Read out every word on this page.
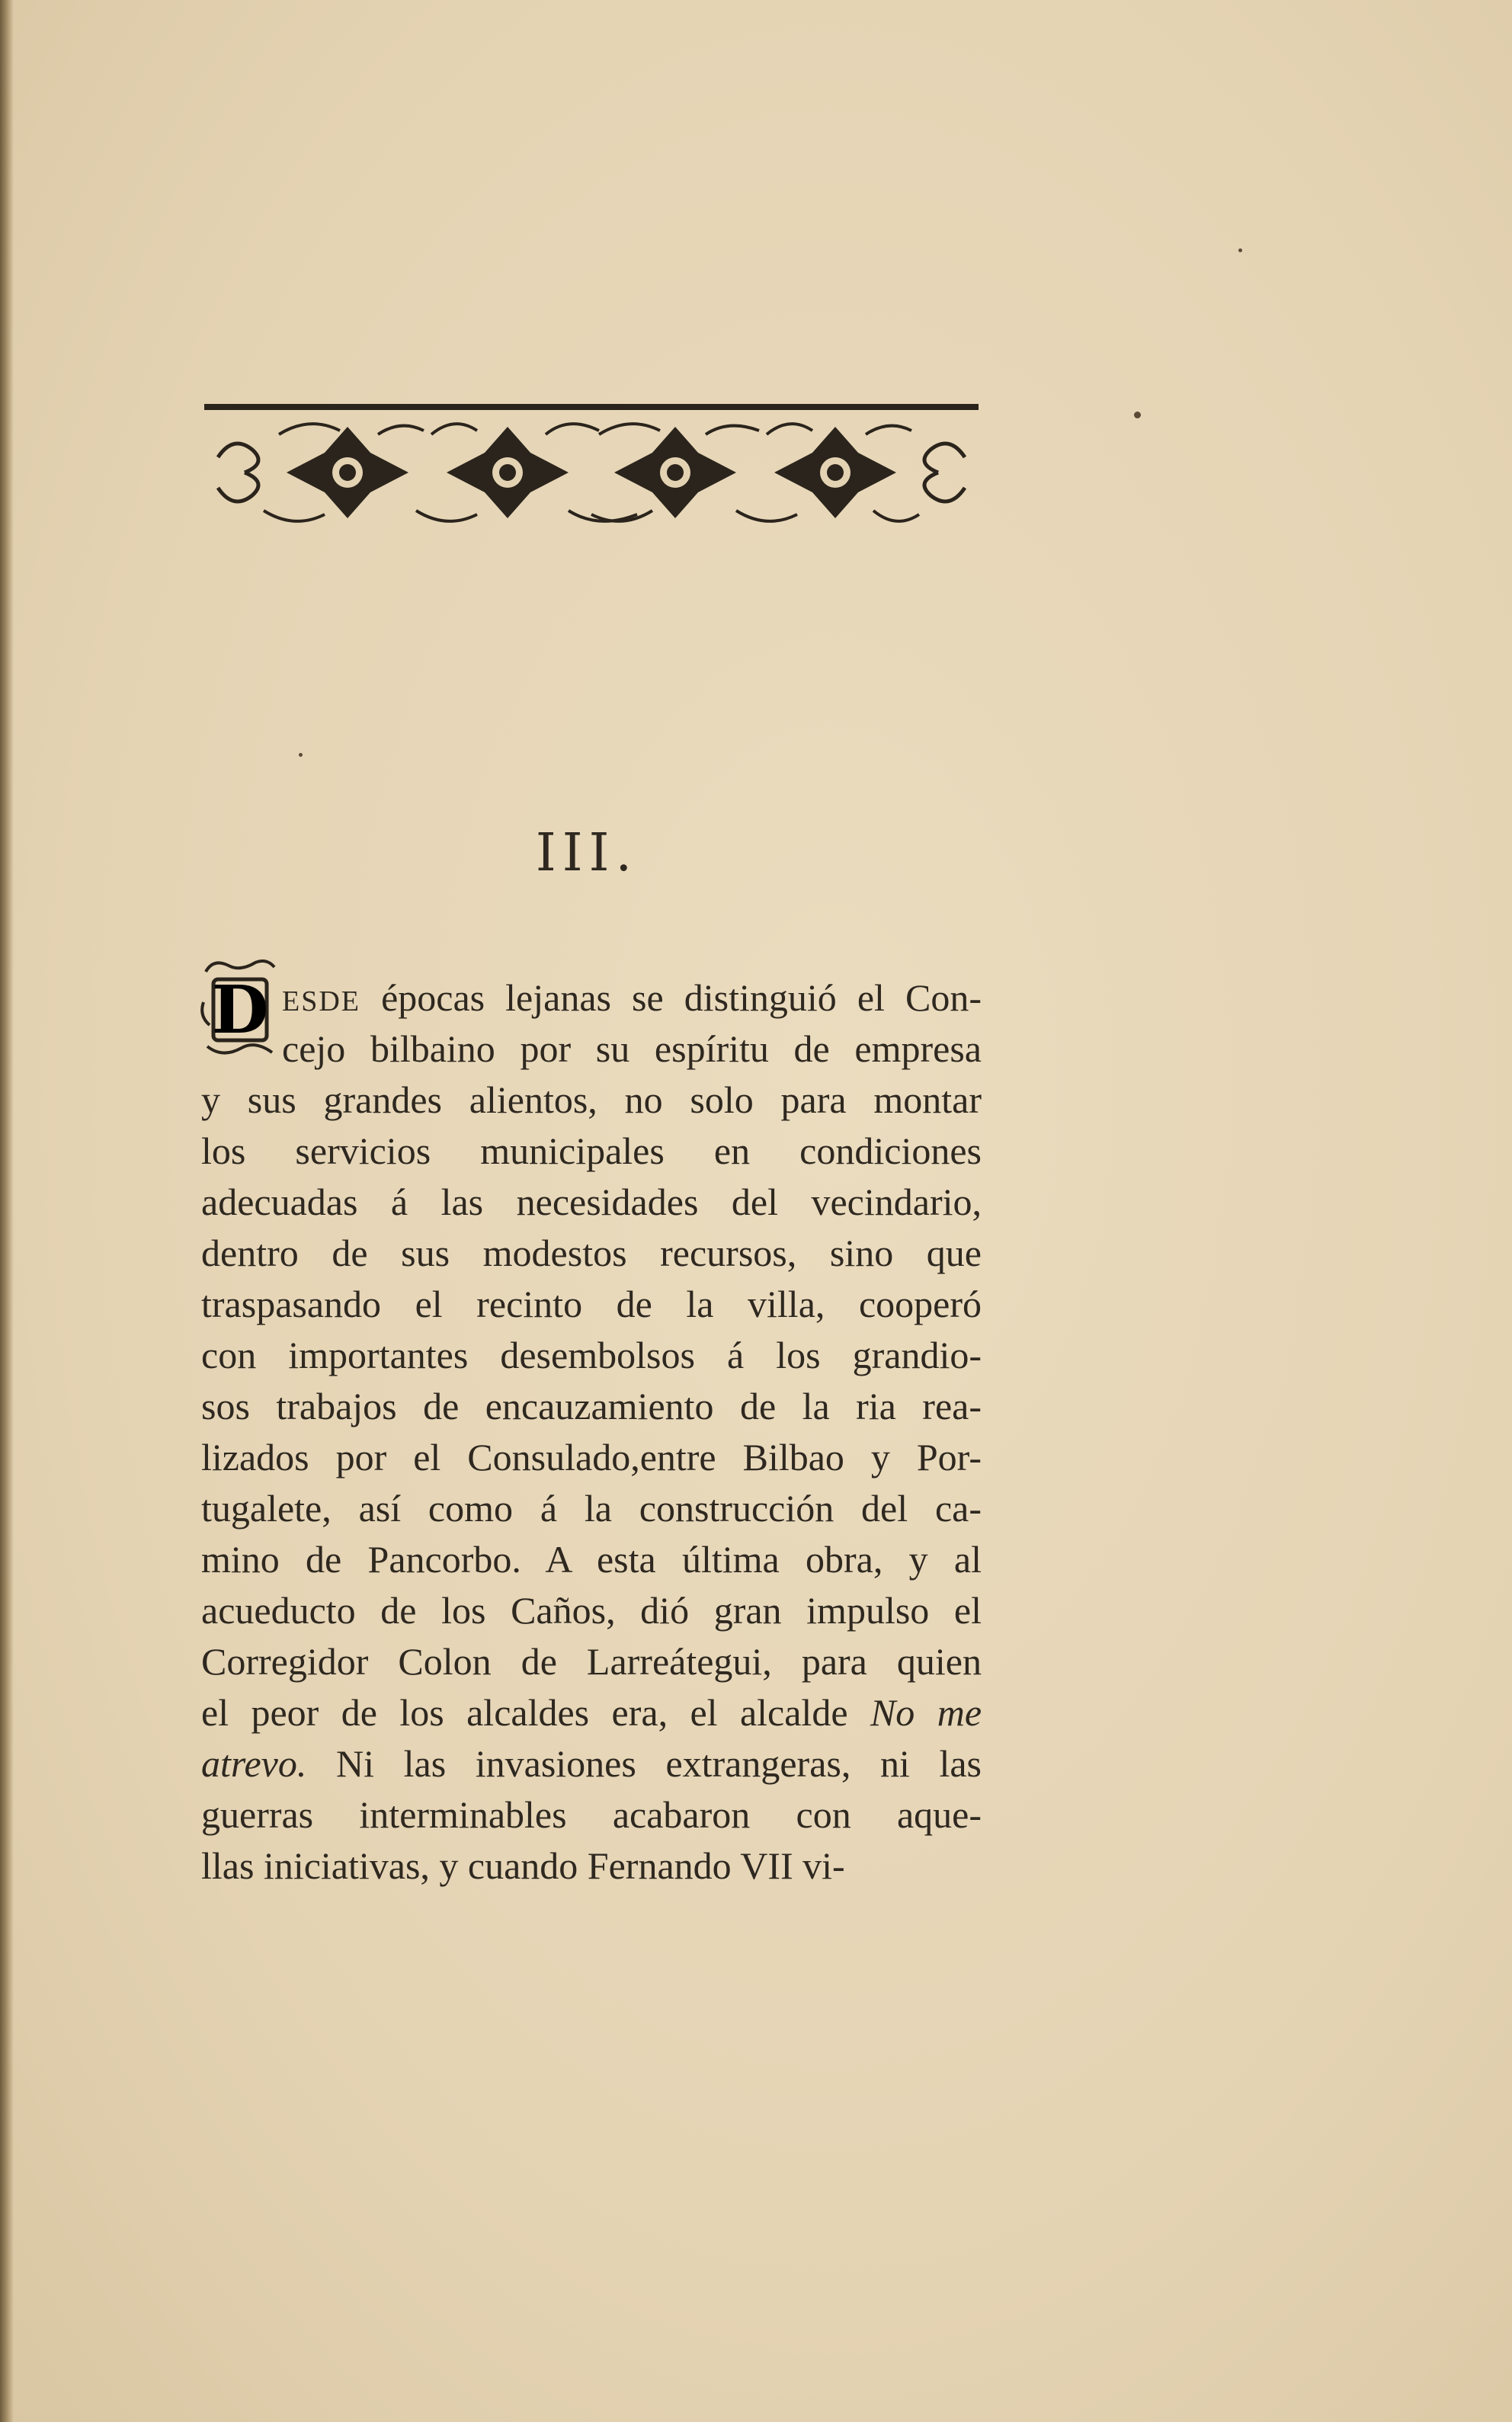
III.
D ESDE épocas lejanas se distinguió el Con-
cejo bilbaino por su espíritu de empresa
y sus grandes alientos, no solo para montar
los servicios municipales en condiciones
adecuadas á las necesidades del vecindario,
dentro de sus modestos recursos, sino que
traspasando el recinto de la villa, cooperó
con importantes desembolsos á los grandio-
sos trabajos de encauzamiento de la ria rea-
lizados por el Consulado,entre Bilbao y Por-
tugalete, así como á la construcción del ca-
mino de Pancorbo. A esta última obra, y al
acueducto de los Caños, dió gran impulso el
Corregidor Colon de Larreátegui, para quien
el peor de los alcaldes era, el alcalde No me
atrevo. Ni las invasiones extrangeras, ni las
guerras interminables acabaron con aque-
llas iniciativas, y cuando Fernando VII vi-
